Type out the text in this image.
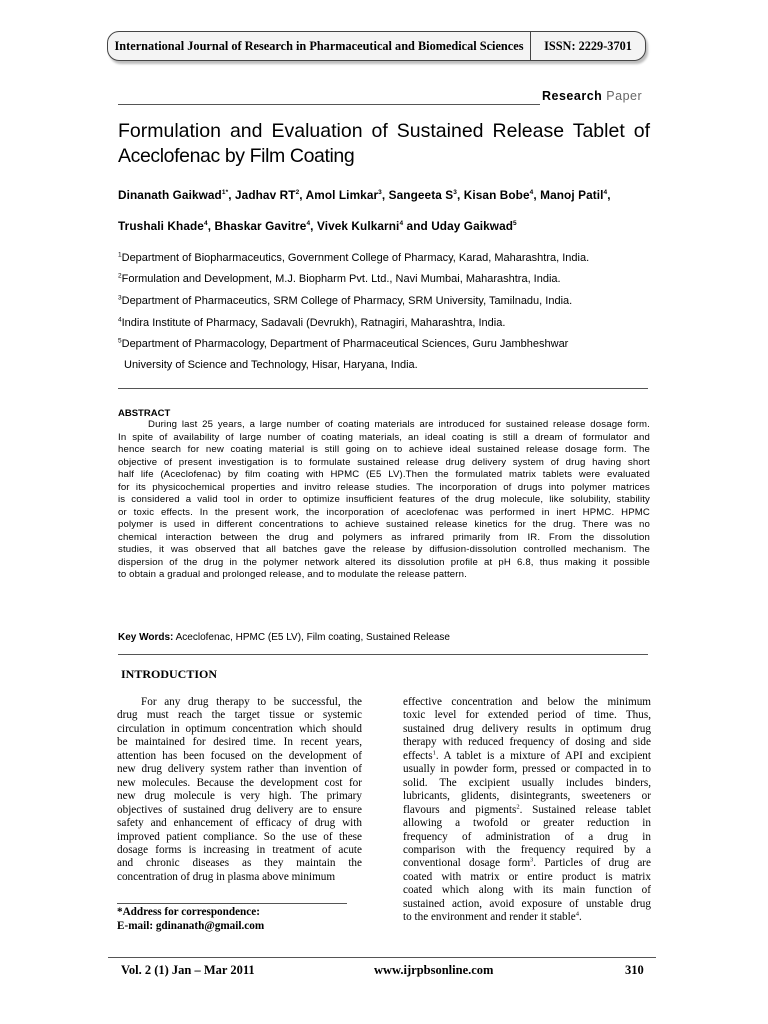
International Journal of Research in Pharmaceutical and Biomedical Sciences	ISSN: 2229-3701
Research Paper
Formulation and Evaluation of Sustained Release Tablet of
Aceclofenac by Film Coating
Dinanath Gaikwad$^{1*}$, Jadhav $RT^2$, Amol Limkar$^3$, Sangeeta $S^3$, Kisan Bobe$^4$, Manoj Patil$^4$,
Trushali Khade$^4$, Bhaskar Gavitre$^4$, Vivek Kulkarni$^4$ and Uday Gaikwad$^5$
$^1$Department of Biopharmaceutics, Government College of Pharmacy, Karad, Maharashtra, India.
$^2$Formulation and Development, M.J. Biopharm Pvt. Ltd., Navi Mumbai, Maharashtra, India.
$^3$Department of Pharmaceutics, SRM College of Pharmacy, SRM University, Tamilnadu, India.
$^4$Indira Institute of Pharmacy, Sadavali (Devrukh), Ratnagiri, Maharashtra, India.
$^5$Department of Pharmacology, Department of Pharmaceutical Sciences, Guru Jambheshwar
University of Science and Technology, Hisar, Haryana, India.
ABSTRACT
During last 25 years, a large number of coating materials are introduced for sustained release dosage form.
In spite of availability of large number of coating materials, an ideal coating is still a dream of formulator and
hence search for new coating material is still going on to achieve ideal sustained release dosage form. The
objective of present investigation is to formulate sustained release drug delivery system of drug having short
half life (Aceclofenac) by film coating with HPMC (E5 LV).Then the formulated matrix tablets were evaluated
for its physicochemical properties and invitro release studies. The incorporation of drugs into polymer matrices
is considered a valid tool in order to optimize insufficient features of the drug molecule, like solubility, stability
or toxic effects. In the present work, the incorporation of aceclofenac was performed in inert HPMC. HPMC
polymer is used in different concentrations to achieve sustained release kinetics for the drug. There was no
chemical interaction between the drug and polymers as infrared primarily from IR. From the dissolution
studies, it was observed that all batches gave the release by diffusion-dissolution controlled mechanism. The
dispersion of the drug in the polymer network altered its dissolution profile at pH 6.8, thus making it possible
to obtain a gradual and prolonged release, and to modulate the release pattern.
Key Words: Aceclofenac, HPMC (E5 LV), Film coating, Sustained Release
INTRODUCTION
For any drug therapy to be successful, the
drug must reach the target tissue or systemic
circulation in optimum concentration which should
be maintained for desired time. In recent years,
attention has been focused on the development of
new drug delivery system rather than invention of
new molecules. Because the development cost for
new drug molecule is very high. The primary
objectives of sustained drug delivery are to ensure
safety and enhancement of efficacy of drug with
improved patient compliance. So the use of these
dosage forms is increasing in treatment of acute
and chronic diseases as they maintain the
concentration of drug in plasma above minimum
effective concentration and below the minimum
toxic level for extended period of time. Thus,
sustained drug delivery results in optimum drug
therapy with reduced frequency of dosing and side
effects$^1$. A tablet is a mixture of API and excipient
usually in powder form, pressed or compacted in to
solid. The excipient usually includes binders,
lubricants, glidents, disintegrants, sweeteners or
flavours and pigments$^2$. Sustained release tablet
allowing a twofold or greater reduction in
frequency of administration of a drug in
comparison with the frequency required by a
conventional dosage form$^3$. Particles of drug are
coated with matrix or entire product is matrix
coated which along with its main function of
sustained action, avoid exposure of unstable drug
to the environment and render it stable$^4$.
*Address for correspondence:
E-mail: gdinanath@gmail.com
Vol. 2 (1) Jan – Mar 2011	www.ijrpbsonline.com	310
